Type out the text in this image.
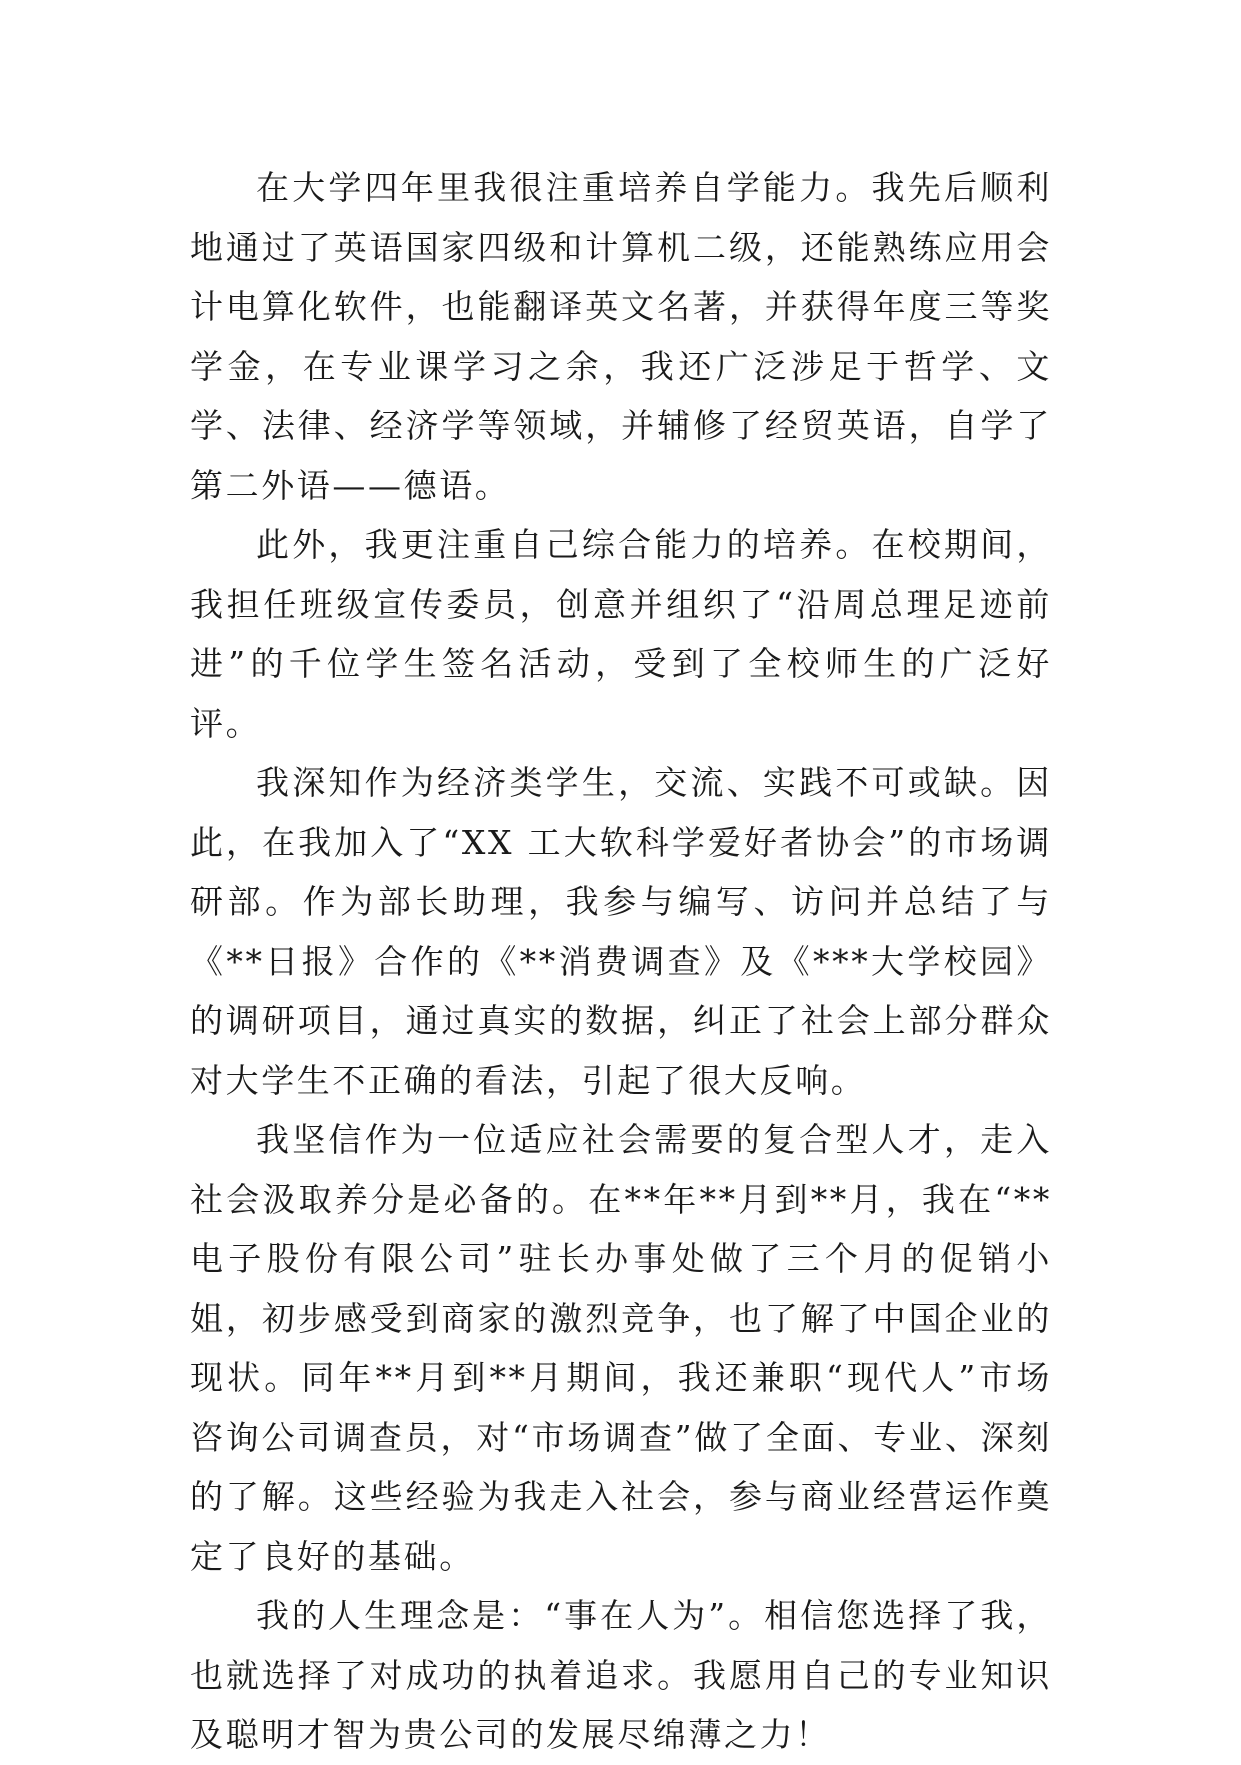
在大学四年里我很注重培养自学能力。我先后顺利地通过了英语国家四级和计算机二级，还能熟练应用会计电算化软件，也能翻译英文名著，并获得年度三等奖学金，在专业课学习之余，我还广泛涉足于哲学、文学、法律、经济学等领域，并辅修了经贸英语，自学了第二外语——德语。

此外，我更注重自己综合能力的培养。在校期间，我担任班级宣传委员，创意并组织了“沿周总理足迹前进”的千位学生签名活动，受到了全校师生的广泛好评。

我深知作为经济类学生，交流、实践不可或缺。因此，在我加入了“XX 工大软科学爱好者协会”的市场调研部。作为部长助理，我参与编写、访问并总结了与《**日报》合作的《**消费调查》及《***大学校园》的调研项目，通过真实的数据，纠正了社会上部分群众对大学生不正确的看法，引起了很大反响。

我坚信作为一位适应社会需要的复合型人才，走入社会汲取养分是必备的。在**年**月到**月，我在“**电子股份有限公司”驻长办事处做了三个月的促销小姐，初步感受到商家的激烈竞争，也了解了中国企业的现状。同年**月到**月期间，我还兼职“现代人”市场咨询公司调查员，对“市场调查”做了全面、专业、深刻的了解。这些经验为我走入社会，参与商业经营运作奠定了良好的基础。

我的人生理念是：“事在人为”。相信您选择了我，也就选择了对成功的执着追求。我愿用自己的专业知识及聪明才智为贵公司的发展尽绵薄之力！
